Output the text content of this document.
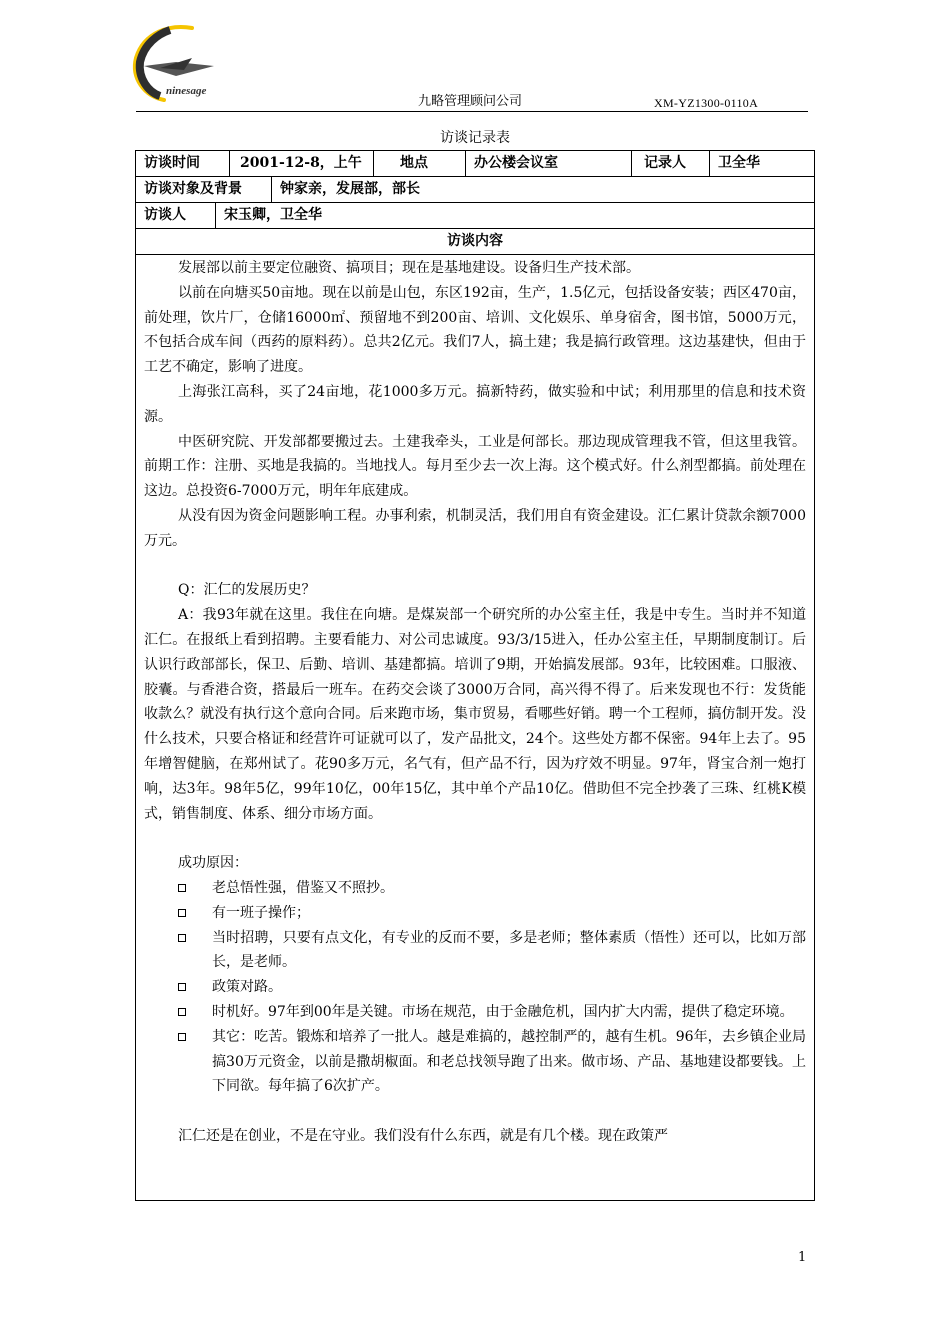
ninesage
九略管理顾问公司	XM-YZ1300-0110A
访谈记录表
访谈时间	2001-12-8，上午	地点	办公楼会议室	记录人	卫全华
访谈对象及背景	钟家亲，发展部，部长
访谈人	宋玉卿，卫全华
访谈内容

发展部以前主要定位融资、搞项目；现在是基地建设。设备归生产技术部。

以前在向塘买50亩地。现在以前是山包，东区192亩，生产，1.5亿元，包括设备安装；西区470亩，前处理，饮片厂，仓储16000㎡、预留地不到200亩、培训、文化娱乐、单身宿舍，图书馆，5000万元，不包括合成车间（西药的原料药）。总共2亿元。我们7人，搞土建；我是搞行政管理。这边基建快，但由于工艺不确定，影响了进度。

上海张江高科，买了24亩地，花1000多万元。搞新特药，做实验和中试；利用那里的信息和技术资源。

中医研究院、开发部都要搬过去。土建我牵头，工业是何部长。那边现成管理我不管，但这里我管。前期工作：注册、买地是我搞的。当地找人。每月至少去一次上海。这个模式好。什么剂型都搞。前处理在这边。总投资6-7000万元，明年年底建成。

从没有因为资金问题影响工程。办事利索，机制灵活，我们用自有资金建设。汇仁累计贷款余额7000万元。

Q：汇仁的发展历史？

A：我93年就在这里。我住在向塘。是煤炭部一个研究所的办公室主任，我是中专生。当时并不知道汇仁。在报纸上看到招聘。主要看能力、对公司忠诚度。93/3/15进入，任办公室主任，早期制度制订。后认识行政部部长，保卫、后勤、培训、基建都搞。培训了9期，开始搞发展部。93年，比较困难。口服液、胶囊。与香港合资，搭最后一班车。在药交会谈了3000万合同，高兴得不得了。后来发现也不行：发货能收款么？就没有执行这个意向合同。后来跑市场，集市贸易，看哪些好销。聘一个工程师，搞仿制开发。没什么技术，只要合格证和经营许可证就可以了，发产品批文，24个。这些处方都不保密。94年上去了。95年增智健脑，在郑州试了。花90多万元，名气有，但产品不行，因为疗效不明显。97年，肾宝合剂一炮打响，达3年。98年5亿，99年10亿，00年15亿，其中单个产品10亿。借助但不完全抄袭了三珠、红桃K模式，销售制度、体系、细分市场方面。

成功原因：

老总悟性强，借鉴又不照抄。
有一班子操作；
当时招聘，只要有点文化，有专业的反而不要，多是老师；整体素质（悟性）还可以，比如万部长，是老师。
政策对路。
时机好。97年到00年是关键。市场在规范，由于金融危机，国内扩大内需，提供了稳定环境。
其它：吃苦。锻炼和培养了一批人。越是难搞的，越控制严的，越有生机。96年，去乡镇企业局搞30万元资金，以前是撒胡椒面。和老总找领导跑了出来。做市场、产品、基地建设都要钱。上下同欲。每年搞了6次扩产。

汇仁还是在创业，不是在守业。我们没有什么东西，就是有几个楼。现在政策严

1
